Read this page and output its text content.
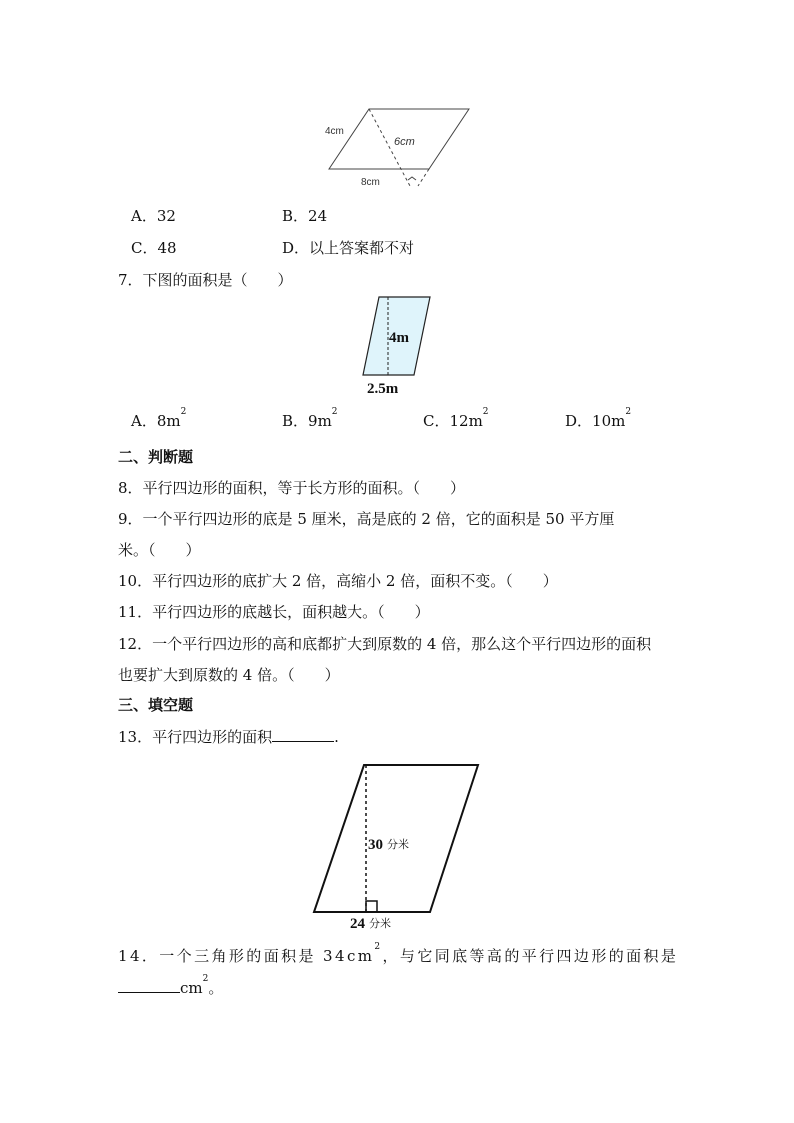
4cm
6cm
8cm
A．32	B．24
C．48	D．以上答案都不对
7．下图的面积是（　　）
4m
2.5m
A．$8m^2$	B．$9m^2$	C．$12m^2$	D．$10m^2$
二、判断题
8．平行四边形的面积，等于长方形的面积。（　　）
9．一个平行四边形的底是 5 厘米，高是底的 2 倍，它的面积是 50 平方厘
米。（　　）
10．平行四边形的底扩大 2 倍，高缩小 2 倍，面积不变。（　　）
11．平行四边形的底越长，面积越大。（　　）
12．一个平行四边形的高和底都扩大到原数的 4 倍，那么这个平行四边形的面积
也要扩大到原数的 4 倍。（　　）
三、填空题
13．平行四边形的面积	.
30 分米
24 分米
14．一个三角形的面积是 $34cm^2$，与它同底等高的平行四边形的面积是
$cm^2$。
